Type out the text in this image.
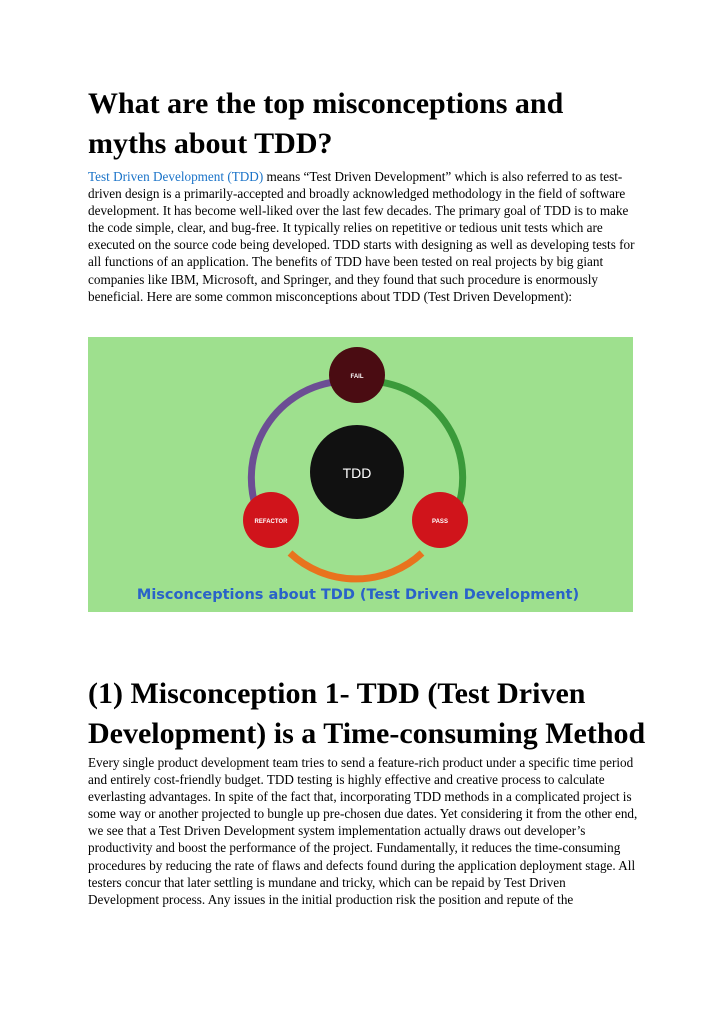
What are the top misconceptions and myths about TDD?

Test Driven Development (TDD) means “Test Driven Development” which is also referred to as test-driven design is a primarily-accepted and broadly acknowledged methodology in the field of software development. It has become well-liked over the last few decades. The primary goal of TDD is to make the code simple, clear, and bug-free. It typically relies on repetitive or tedious unit tests which are executed on the source code being developed. TDD starts with designing as well as developing tests for all functions of an application. The benefits of TDD have been tested on real projects by big giant companies like IBM, Microsoft, and Springer, and they found that such procedure is enormously beneficial. Here are some common misconceptions about TDD (Test Driven Development):

(1) Misconception 1- TDD (Test Driven Development) is a Time-consuming Method

Every single product development team tries to send a feature-rich product under a specific time period and entirely cost-friendly budget. TDD testing is highly effective and creative process to calculate everlasting advantages. In spite of the fact that, incorporating TDD methods in a complicated project is some way or another projected to bungle up pre-chosen due dates. Yet considering it from the other end, we see that a Test Driven Development system implementation actually draws out developer’s productivity and boost the performance of the project. Fundamentally, it reduces the time-consuming procedures by reducing the rate of flaws and defects found during the application deployment stage. All testers concur that later settling is mundane and tricky, which can be repaid by Test Driven Development process. Any issues in the initial production risk the position and repute of the

TDD
FAIL
PASS
REFACTOR
Misconceptions about TDD (Test Driven Development)
